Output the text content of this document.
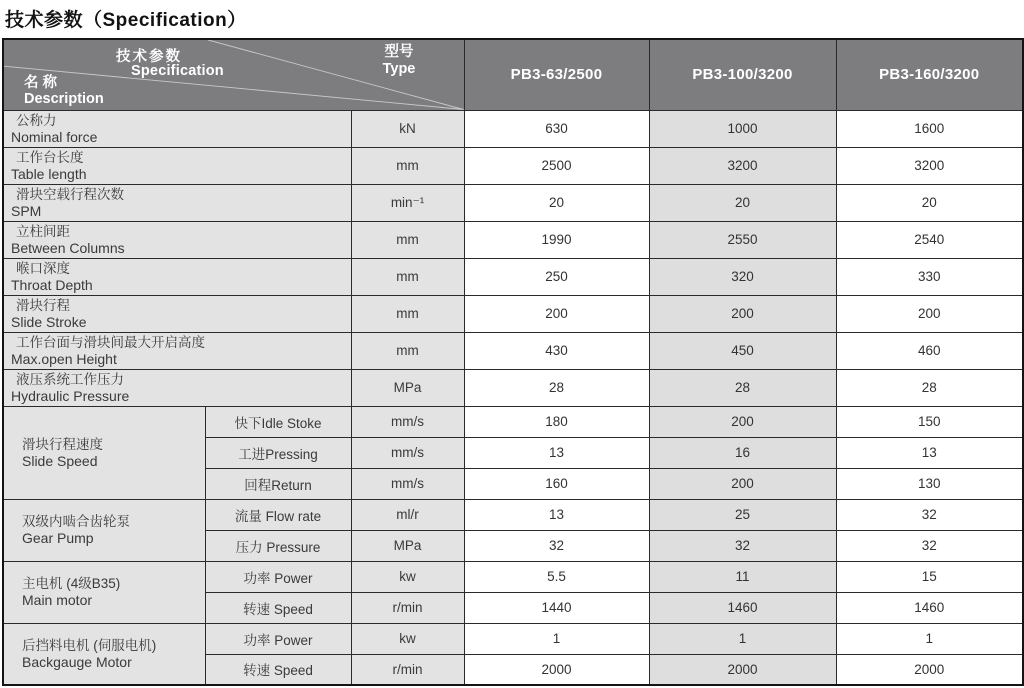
技术参数（Specification）
技术参数
Specification
型号
Type
名 称
Description
	PB3-63/2500	PB3-100/3200	PB3-160/3200

公称力
Nominal force		kN	630	1000	1600

工作台长度
Table length		mm	2500	3200	3200

滑块空载行程次数
SPM		min⁻¹	20	20	20

立柱间距
Between Columns		mm	1990	2550	2540

喉口深度
Throat Depth		mm	250	320	330

滑块行程
Slide Stroke		mm	200	200	200

工作台面与滑块间最大开启高度
Max.open Height		mm	430	450	460

液压系统工作压力
Hydraulic Pressure		MPa	28	28	28

滑块行程速度
Slide Speed	快下Idle Stoke	mm/s	180	200	150
	工进Pressing	mm/s	13	16	13
	回程Return	mm/s	160	200	130

双级内啮合齿轮泵
Gear Pump	流量 Flow rate	ml/r	13	25	32
	压力 Pressure	MPa	32	32	32

主电机 (4级B35)
Main motor	功率 Power	kw	5.5	11	15
	转速 Speed	r/min	1440	1460	1460

后挡料电机 (伺服电机)
Backgauge Motor	功率 Power	kw	1	1	1
	转速 Speed	r/min	2000	2000	2000
